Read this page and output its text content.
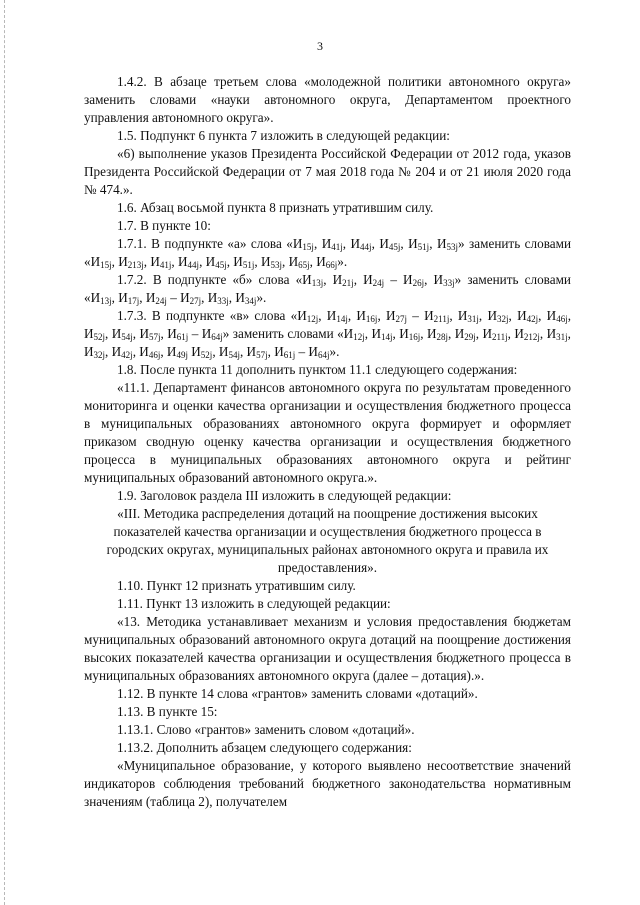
3

1.4.2. В абзаце третьем слова «молодежной политики автономного округа» заменить словами «науки автономного округа, Департаментом проектного управления автономного округа».

1.5. Подпункт 6 пункта 7 изложить в следующей редакции:

«6) выполнение указов Президента Российской Федерации от 2012 года, указов Президента Российской Федерации от 7 мая 2018 года № 204 и от 21 июля 2020 года № 474.».

1.6. Абзац восьмой пункта 8 признать утратившим силу.

1.7. В пункте 10:

1.7.1. В подпункте «а» слова «$И_{15j}$, $И_{41j}$, $И_{44j}$, $И_{45j}$, $И_{51j}$, $И_{53j}$» заменить словами «$И_{15j}$, $И_{213j}$, $И_{41j}$, $И_{44j}$, $И_{45j}$, $И_{51j}$, $И_{53j}$, $И_{65j}$, $И_{66j}$».

1.7.2. В подпункте «б» слова «$И_{13j}$, $И_{21j}$, $И_{24j} - И_{26j}$, $И_{33j}$» заменить словами «$И_{13j}$, $И_{17j}$, $И_{24j} - И_{27j}$, $И_{33j}$, $И_{34j}$».

1.7.3. В подпункте «в» слова «$И_{12j}$, $И_{14j}$, $И_{16j}$, $И_{27j} - И_{211j}$, $И_{31j}$, $И_{32j}$, $И_{42j}$, $И_{46j}$, $И_{52j}$, $И_{54j}$, $И_{57j}$, $И_{61j} - И_{64j}$» заменить словами «$И_{12j}$, $И_{14j}$, $И_{16j}$, $И_{28j}$, $И_{29j}$, $И_{211j}$, $И_{212j}$, $И_{31j}$, $И_{32j}$, $И_{42j}$, $И_{46j}$, $И_{49j}$ $И_{52j}$, $И_{54j}$, $И_{57j}$, $И_{61j} - И_{64j}$».

1.8. После пункта 11 дополнить пунктом 11.1 следующего содержания:

«11.1. Департамент финансов автономного округа по результатам проведенного мониторинга и оценки качества организации и осуществления бюджетного процесса в муниципальных образованиях автономного округа формирует и оформляет приказом сводную оценку качества организации и осуществления бюджетного процесса в муниципальных образованиях автономного округа и рейтинг муниципальных образований автономного округа.».

1.9. Заголовок раздела III изложить в следующей редакции:

«III. Методика распределения дотаций на поощрение достижения высоких показателей качества организации и осуществления бюджетного процесса в городских округах, муниципальных районах автономного округа и правила их предоставления».

1.10. Пункт 12 признать утратившим силу.

1.11. Пункт 13 изложить в следующей редакции:

«13. Методика устанавливает механизм и условия предоставления бюджетам муниципальных образований автономного округа дотаций на поощрение достижения высоких показателей качества организации и осуществления бюджетного процесса в муниципальных образованиях автономного округа (далее – дотация).».

1.12. В пункте 14 слова «грантов» заменить словами «дотаций».

1.13. В пункте 15:

1.13.1. Слово «грантов» заменить словом «дотаций».

1.13.2. Дополнить абзацем следующего содержания:

«Муниципальное образование, у которого выявлено несоответствие значений индикаторов соблюдения требований бюджетного законодательства нормативным значениям (таблица 2), получателем
